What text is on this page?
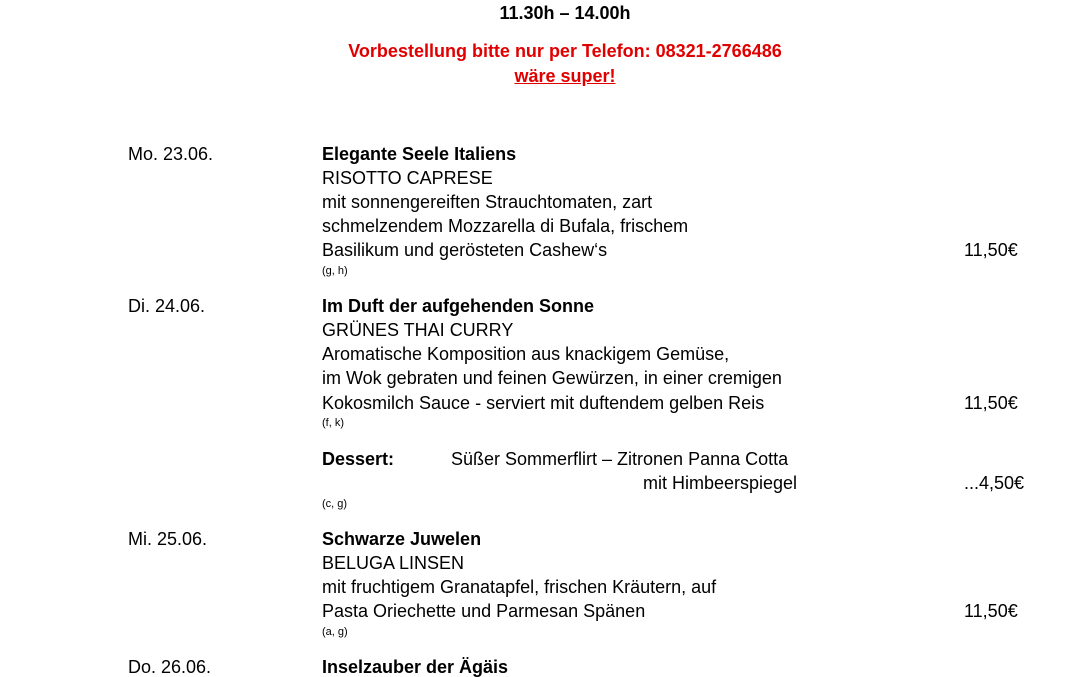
11.30h – 14.00h
Vorbestellung bitte nur per Telefon: 08321-2766486
wäre super!
Mo. 23.06.	Elegante Seele Italiens
RISOTTO CAPRESE
mit sonnengereiften Strauchtomaten, zart
schmelzendem Mozzarella di Bufala, frischem
Basilikum und gerösteten Cashew‘s	11,50€
(g, h)
Di. 24.06.	Im Duft der aufgehenden Sonne
GRÜNES THAI CURRY
Aromatische Komposition aus knackigem Gemüse,
im Wok gebraten und feinen Gewürzen, in einer cremigen
Kokosmilch Sauce - serviert mit duftendem gelben Reis	11,50€
(f, k)
Dessert:	Süßer Sommerflirt – Zitronen Panna Cotta
mit Himbeerspiegel	...4,50€
(c, g)
Mi. 25.06.	Schwarze Juwelen
BELUGA LINSEN
mit fruchtigem Granatapfel, frischen Kräutern, auf
Pasta Oriechette und Parmesan Spänen	11,50€
(a, g)
Do. 26.06.	Inselzauber der Ägäis
